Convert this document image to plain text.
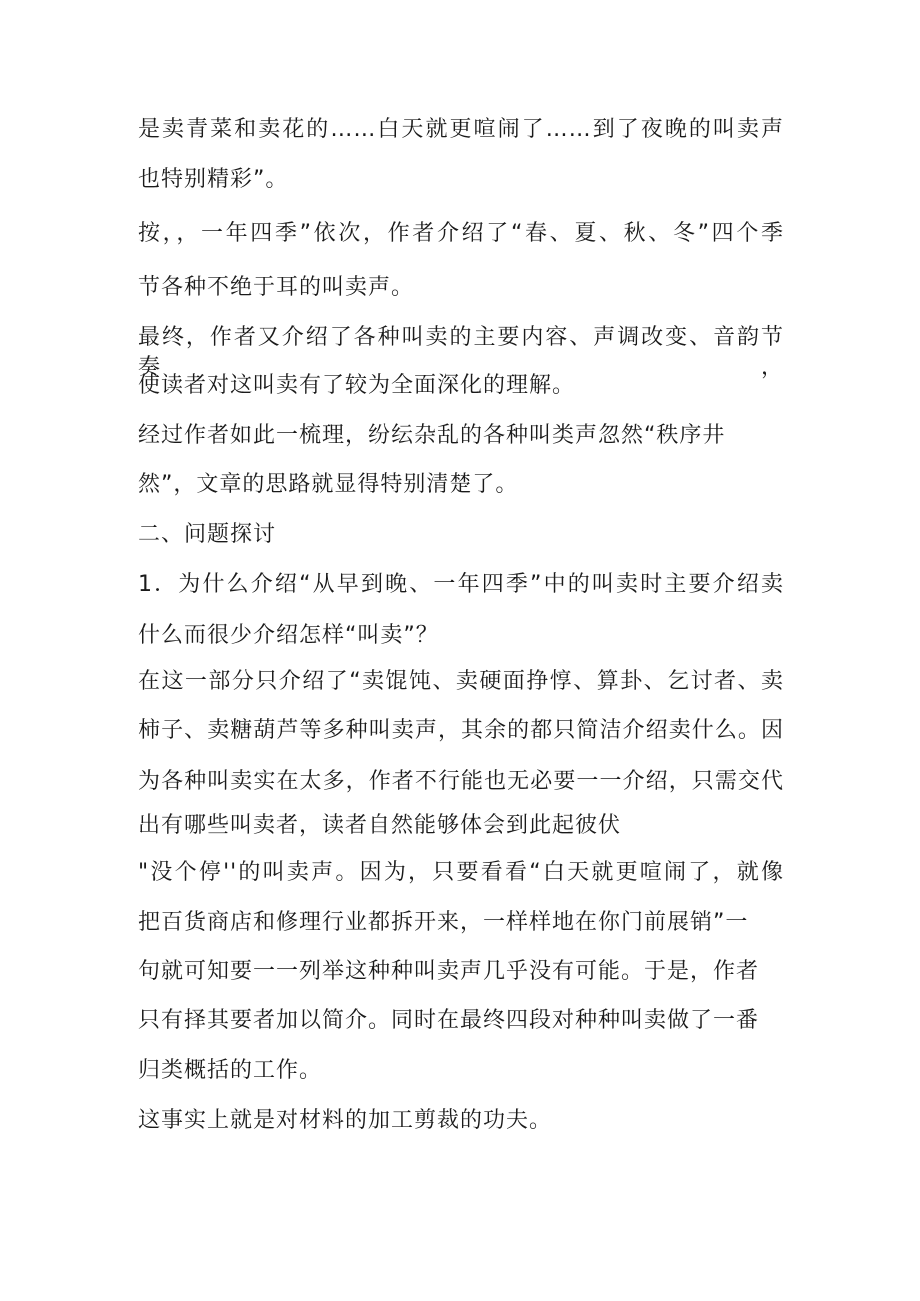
是卖青菜和卖花的……白天就更喧闹了……到了夜晚的叫卖声
也特别精彩”。
按，，一年四季”依次，作者介绍了“春、夏、秋、冬”四个季
节各种不绝于耳的叫卖声。
最终，作者又介绍了各种叫卖的主要内容、声调改变、音韵节奏，
使读者对这叫卖有了较为全面深化的理解。
经过作者如此一梳理，纷纭杂乱的各种叫类声忽然“秩序井
然”，文章的思路就显得特别清楚了。
二、问题探讨
1．为什么介绍“从早到晚、一年四季”中的叫卖时主要介绍卖
什么而很少介绍怎样“叫卖”？
在这一部分只介绍了“卖馄饨、卖硬面挣惇、算卦、乞讨者、卖
柿子、卖糖葫芦等多种叫卖声，其余的都只简洁介绍卖什么。因
为各种叫卖实在太多，作者不行能也无必要一一介绍，只需交代
出有哪些叫卖者，读者自然能够体会到此起彼伏
"没个停''的叫卖声。因为，只要看看“白天就更喧闹了，就像
把百货商店和修理行业都拆开来，一样样地在你门前展销”一
句就可知要一一列举这种种叫卖声几乎没有可能。于是，作者
只有择其要者加以简介。同时在最终四段对种种叫卖做了一番
归类概括的工作。
这事实上就是对材料的加工剪裁的功夫。
